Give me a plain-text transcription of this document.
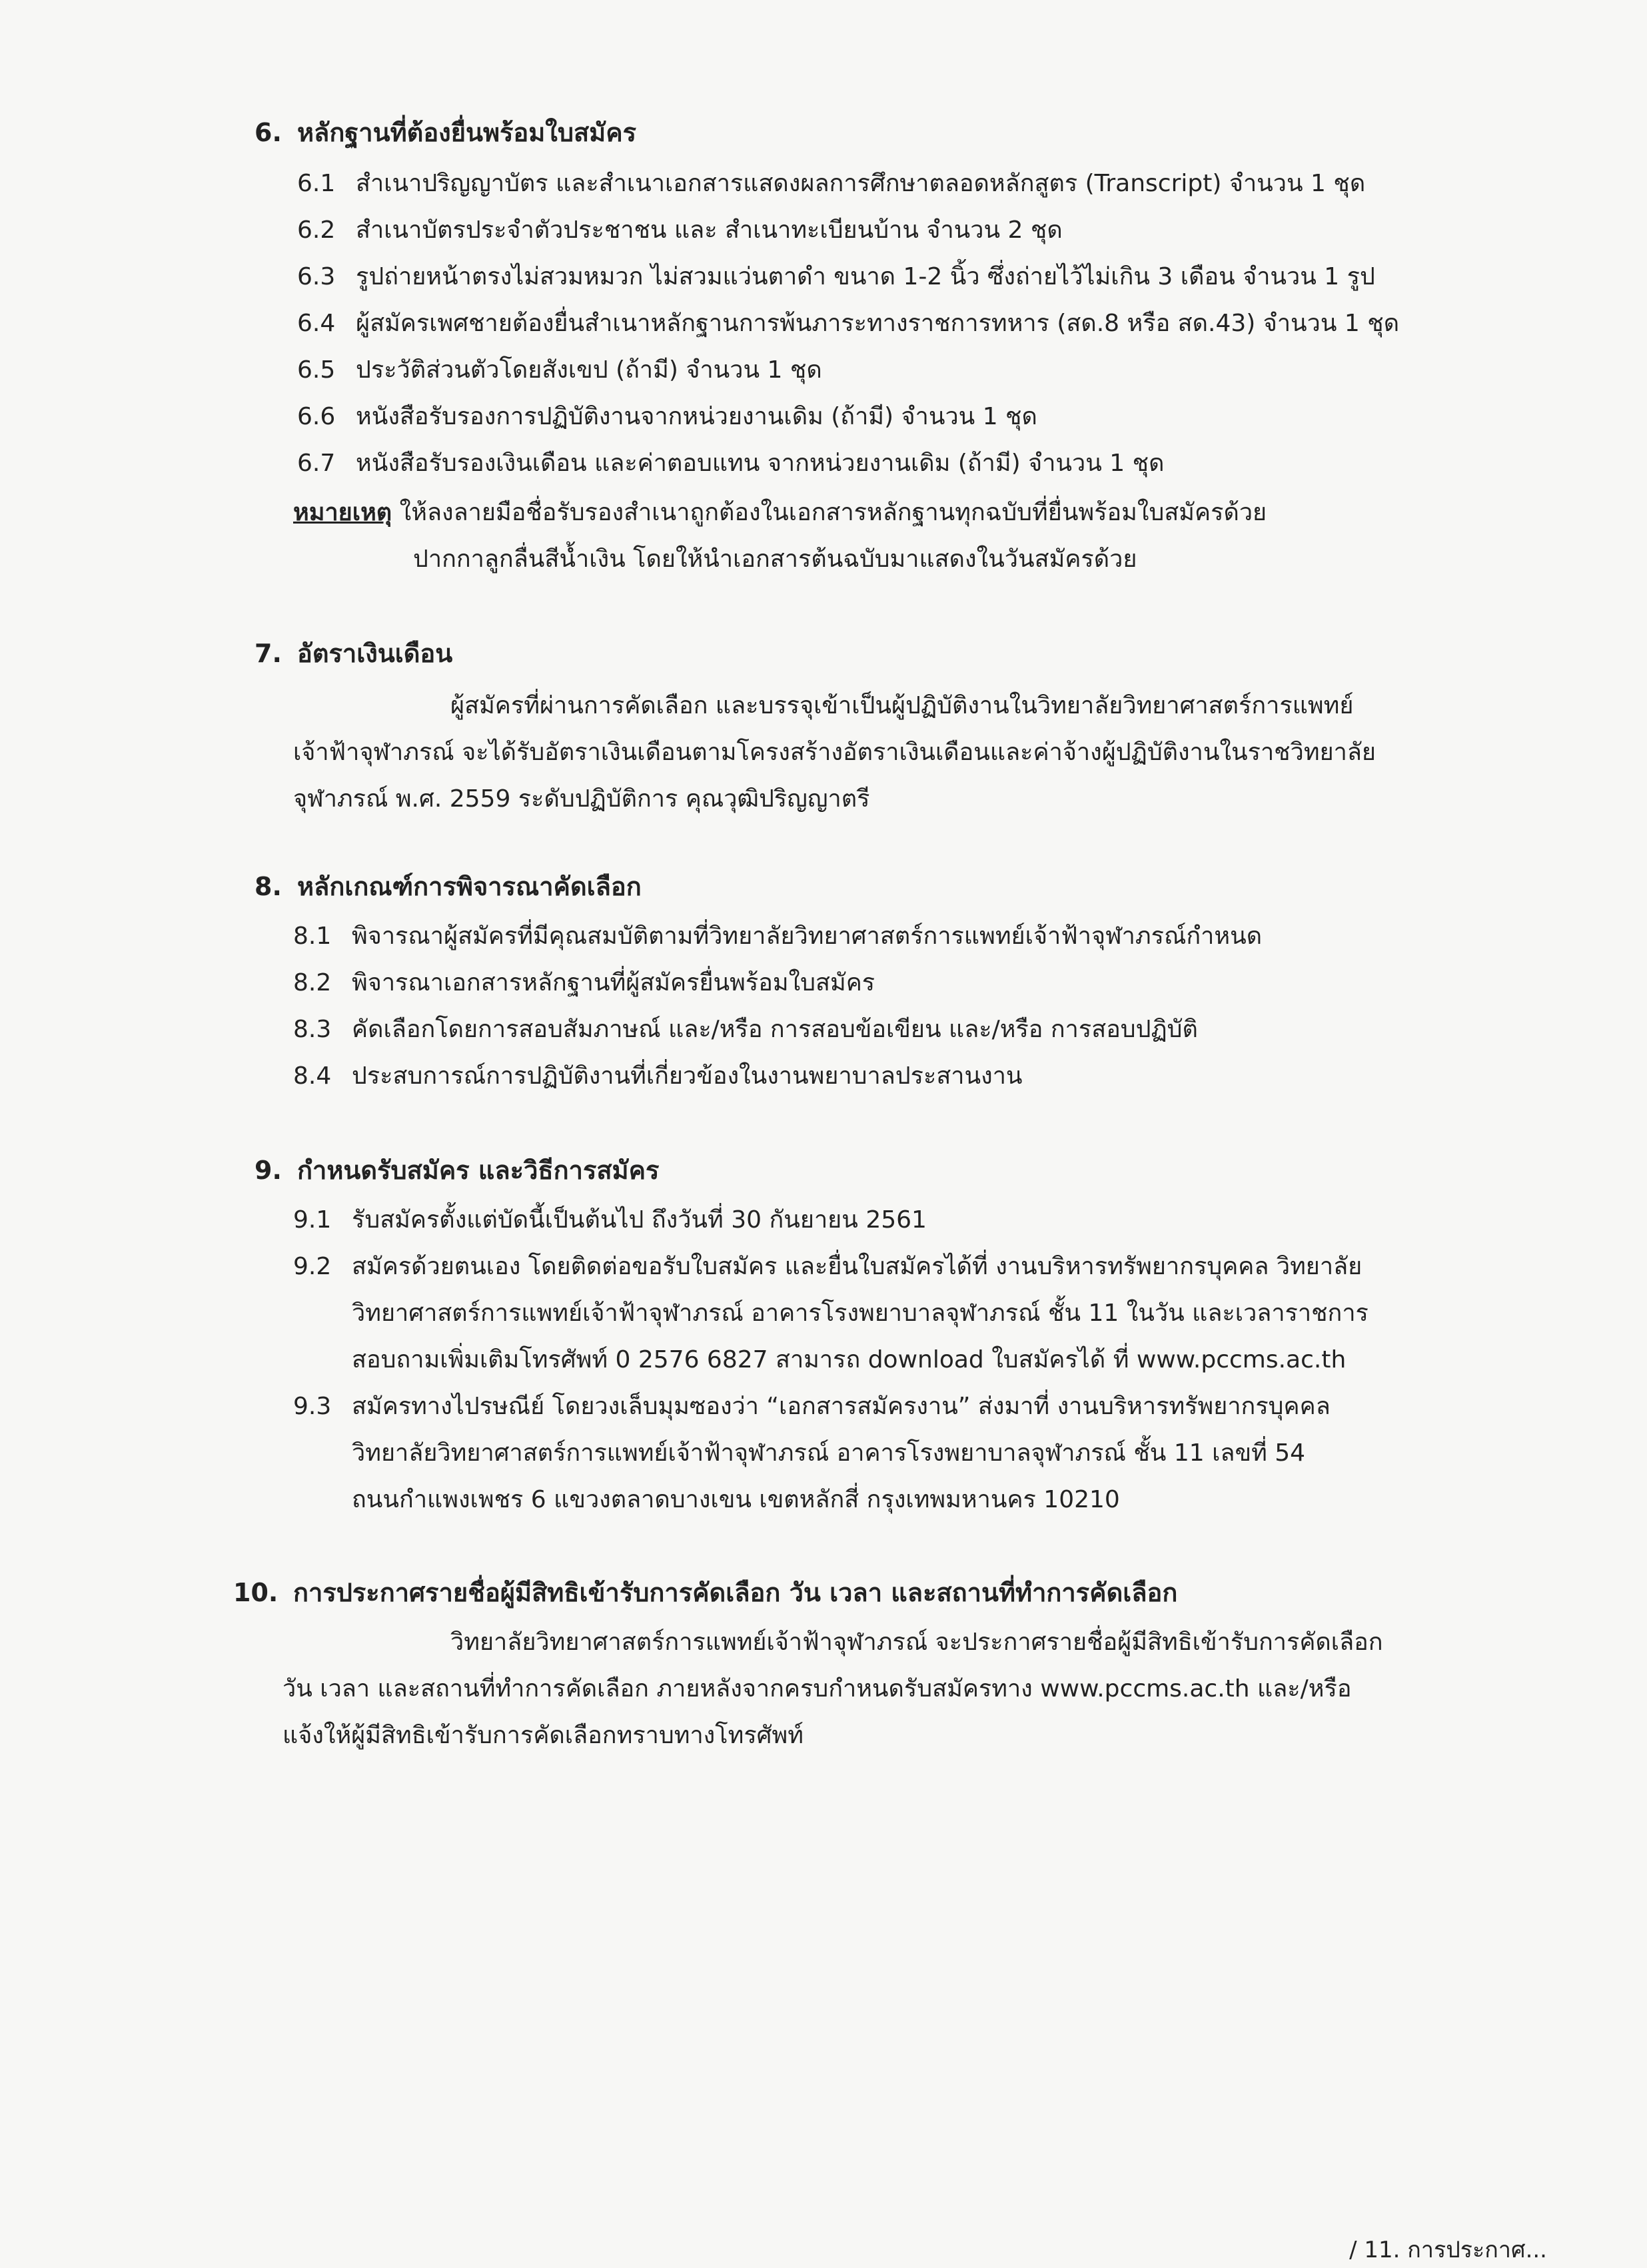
6. หลักฐานที่ต้องยื่นพร้อมใบสมัคร
6.1 สำเนาปริญญาบัตร และสำเนาเอกสารแสดงผลการศึกษาตลอดหลักสูตร (Transcript) จำนวน 1 ชุด
6.2 สำเนาบัตรประจำตัวประชาชน และ สำเนาทะเบียนบ้าน จำนวน 2 ชุด
6.3 รูปถ่ายหน้าตรงไม่สวมหมวก ไม่สวมแว่นตาดำ ขนาด 1-2 นิ้ว ซึ่งถ่ายไว้ไม่เกิน 3 เดือน จำนวน 1 รูป
6.4 ผู้สมัครเพศชายต้องยื่นสำเนาหลักฐานการพ้นภาระทางราชการทหาร (สด.8 หรือ สด.43) จำนวน 1 ชุด
6.5 ประวัติส่วนตัวโดยสังเขป (ถ้ามี) จำนวน 1 ชุด
6.6 หนังสือรับรองการปฏิบัติงานจากหน่วยงานเดิม (ถ้ามี) จำนวน 1 ชุด
6.7 หนังสือรับรองเงินเดือน และค่าตอบแทน จากหน่วยงานเดิม (ถ้ามี) จำนวน 1 ชุด
หมายเหตุ ให้ลงลายมือชื่อรับรองสำเนาถูกต้องในเอกสารหลักฐานทุกฉบับที่ยื่นพร้อมใบสมัครด้วย
ปากกาลูกลื่นสีน้ำเงิน โดยให้นำเอกสารต้นฉบับมาแสดงในวันสมัครด้วย
7. อัตราเงินเดือน
ผู้สมัครที่ผ่านการคัดเลือก และบรรจุเข้าเป็นผู้ปฏิบัติงานในวิทยาลัยวิทยาศาสตร์การแพทย์
เจ้าฟ้าจุฬาภรณ์ จะได้รับอัตราเงินเดือนตามโครงสร้างอัตราเงินเดือนและค่าจ้างผู้ปฏิบัติงานในราชวิทยาลัย
จุฬาภรณ์ พ.ศ. 2559 ระดับปฏิบัติการ คุณวุฒิปริญญาตรี
8. หลักเกณฑ์การพิจารณาคัดเลือก
8.1 พิจารณาผู้สมัครที่มีคุณสมบัติตามที่วิทยาลัยวิทยาศาสตร์การแพทย์เจ้าฟ้าจุฬาภรณ์กำหนด
8.2 พิจารณาเอกสารหลักฐานที่ผู้สมัครยื่นพร้อมใบสมัคร
8.3 คัดเลือกโดยการสอบสัมภาษณ์ และ/หรือ การสอบข้อเขียน และ/หรือ การสอบปฏิบัติ
8.4 ประสบการณ์การปฏิบัติงานที่เกี่ยวข้องในงานพยาบาลประสานงาน
9. กำหนดรับสมัคร และวิธีการสมัคร
9.1 รับสมัครตั้งแต่บัดนี้เป็นต้นไป ถึงวันที่ 30 กันยายน 2561
9.2 สมัครด้วยตนเอง โดยติดต่อขอรับใบสมัคร และยื่นใบสมัครได้ที่ งานบริหารทรัพยากรบุคคล วิทยาลัย
วิทยาศาสตร์การแพทย์เจ้าฟ้าจุฬาภรณ์ อาคารโรงพยาบาลจุฬาภรณ์ ชั้น 11 ในวัน และเวลาราชการ
สอบถามเพิ่มเติมโทรศัพท์ 0 2576 6827 สามารถ download ใบสมัครได้ ที่ www.pccms.ac.th
9.3 สมัครทางไปรษณีย์ โดยวงเล็บมุมซองว่า “เอกสารสมัครงาน” ส่งมาที่ งานบริหารทรัพยากรบุคคล
วิทยาลัยวิทยาศาสตร์การแพทย์เจ้าฟ้าจุฬาภรณ์ อาคารโรงพยาบาลจุฬาภรณ์ ชั้น 11 เลขที่ 54
ถนนกำแพงเพชร 6 แขวงตลาดบางเขน เขตหลักสี่ กรุงเทพมหานคร 10210
10. การประกาศรายชื่อผู้มีสิทธิเข้ารับการคัดเลือก วัน เวลา และสถานที่ทำการคัดเลือก
วิทยาลัยวิทยาศาสตร์การแพทย์เจ้าฟ้าจุฬาภรณ์ จะประกาศรายชื่อผู้มีสิทธิเข้ารับการคัดเลือก
วัน เวลา และสถานที่ทำการคัดเลือก ภายหลังจากครบกำหนดรับสมัครทาง www.pccms.ac.th และ/หรือ
แจ้งให้ผู้มีสิทธิเข้ารับการคัดเลือกทราบทางโทรศัพท์
/ 11. การประกาศ...
